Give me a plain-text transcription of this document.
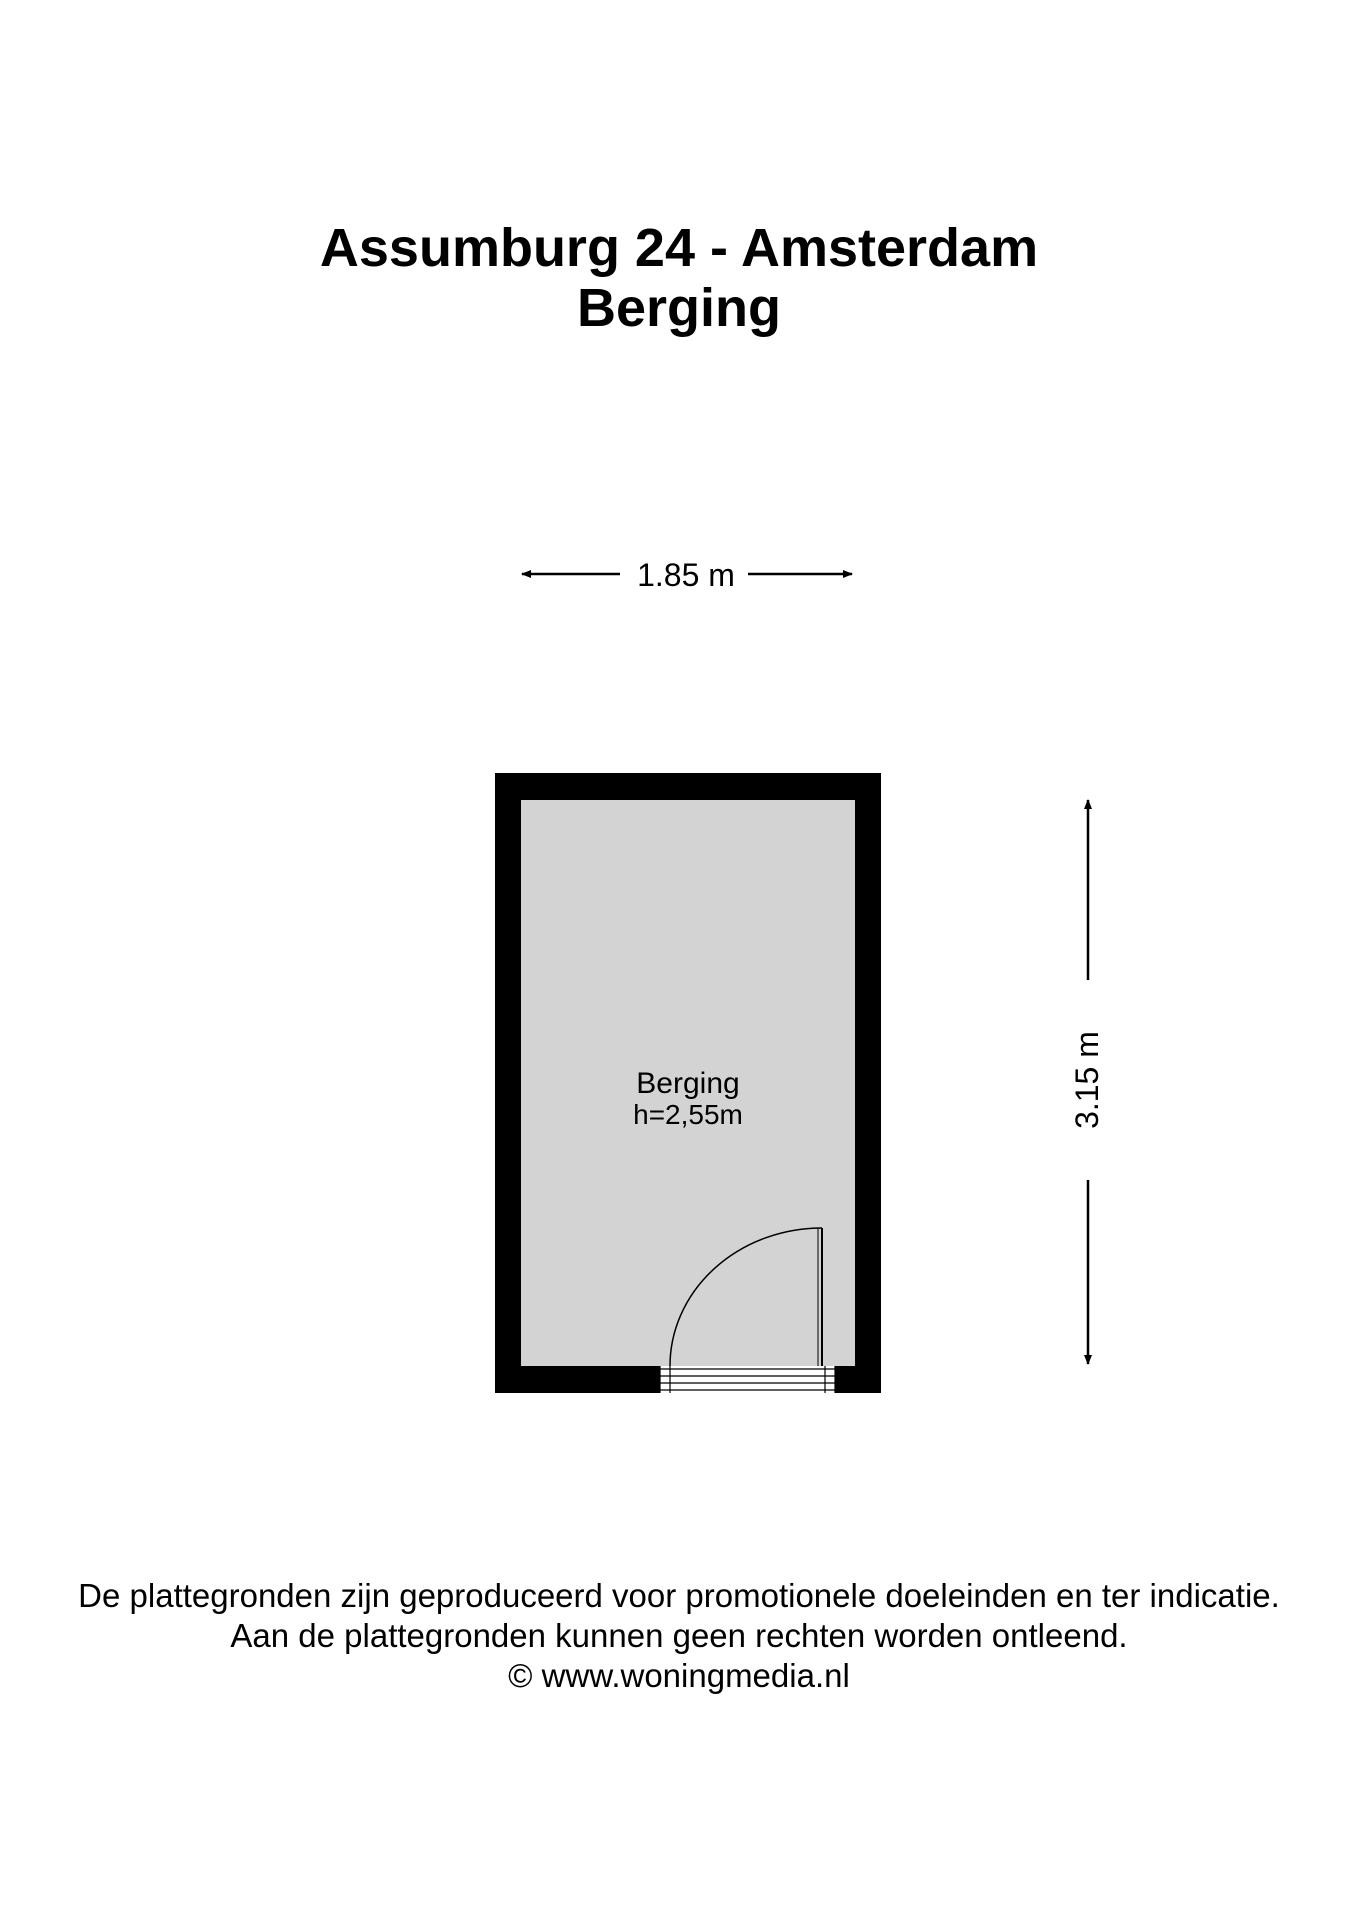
Assumburg 24 - Amsterdam
Berging
1.85 m
3.15 m
Berging
h=2,55m

De plattegronden zijn geproduceerd voor promotionele doeleinden en ter indicatie.

Aan de plattegronden kunnen geen rechten worden ontleend.

© www.woningmedia.nl
